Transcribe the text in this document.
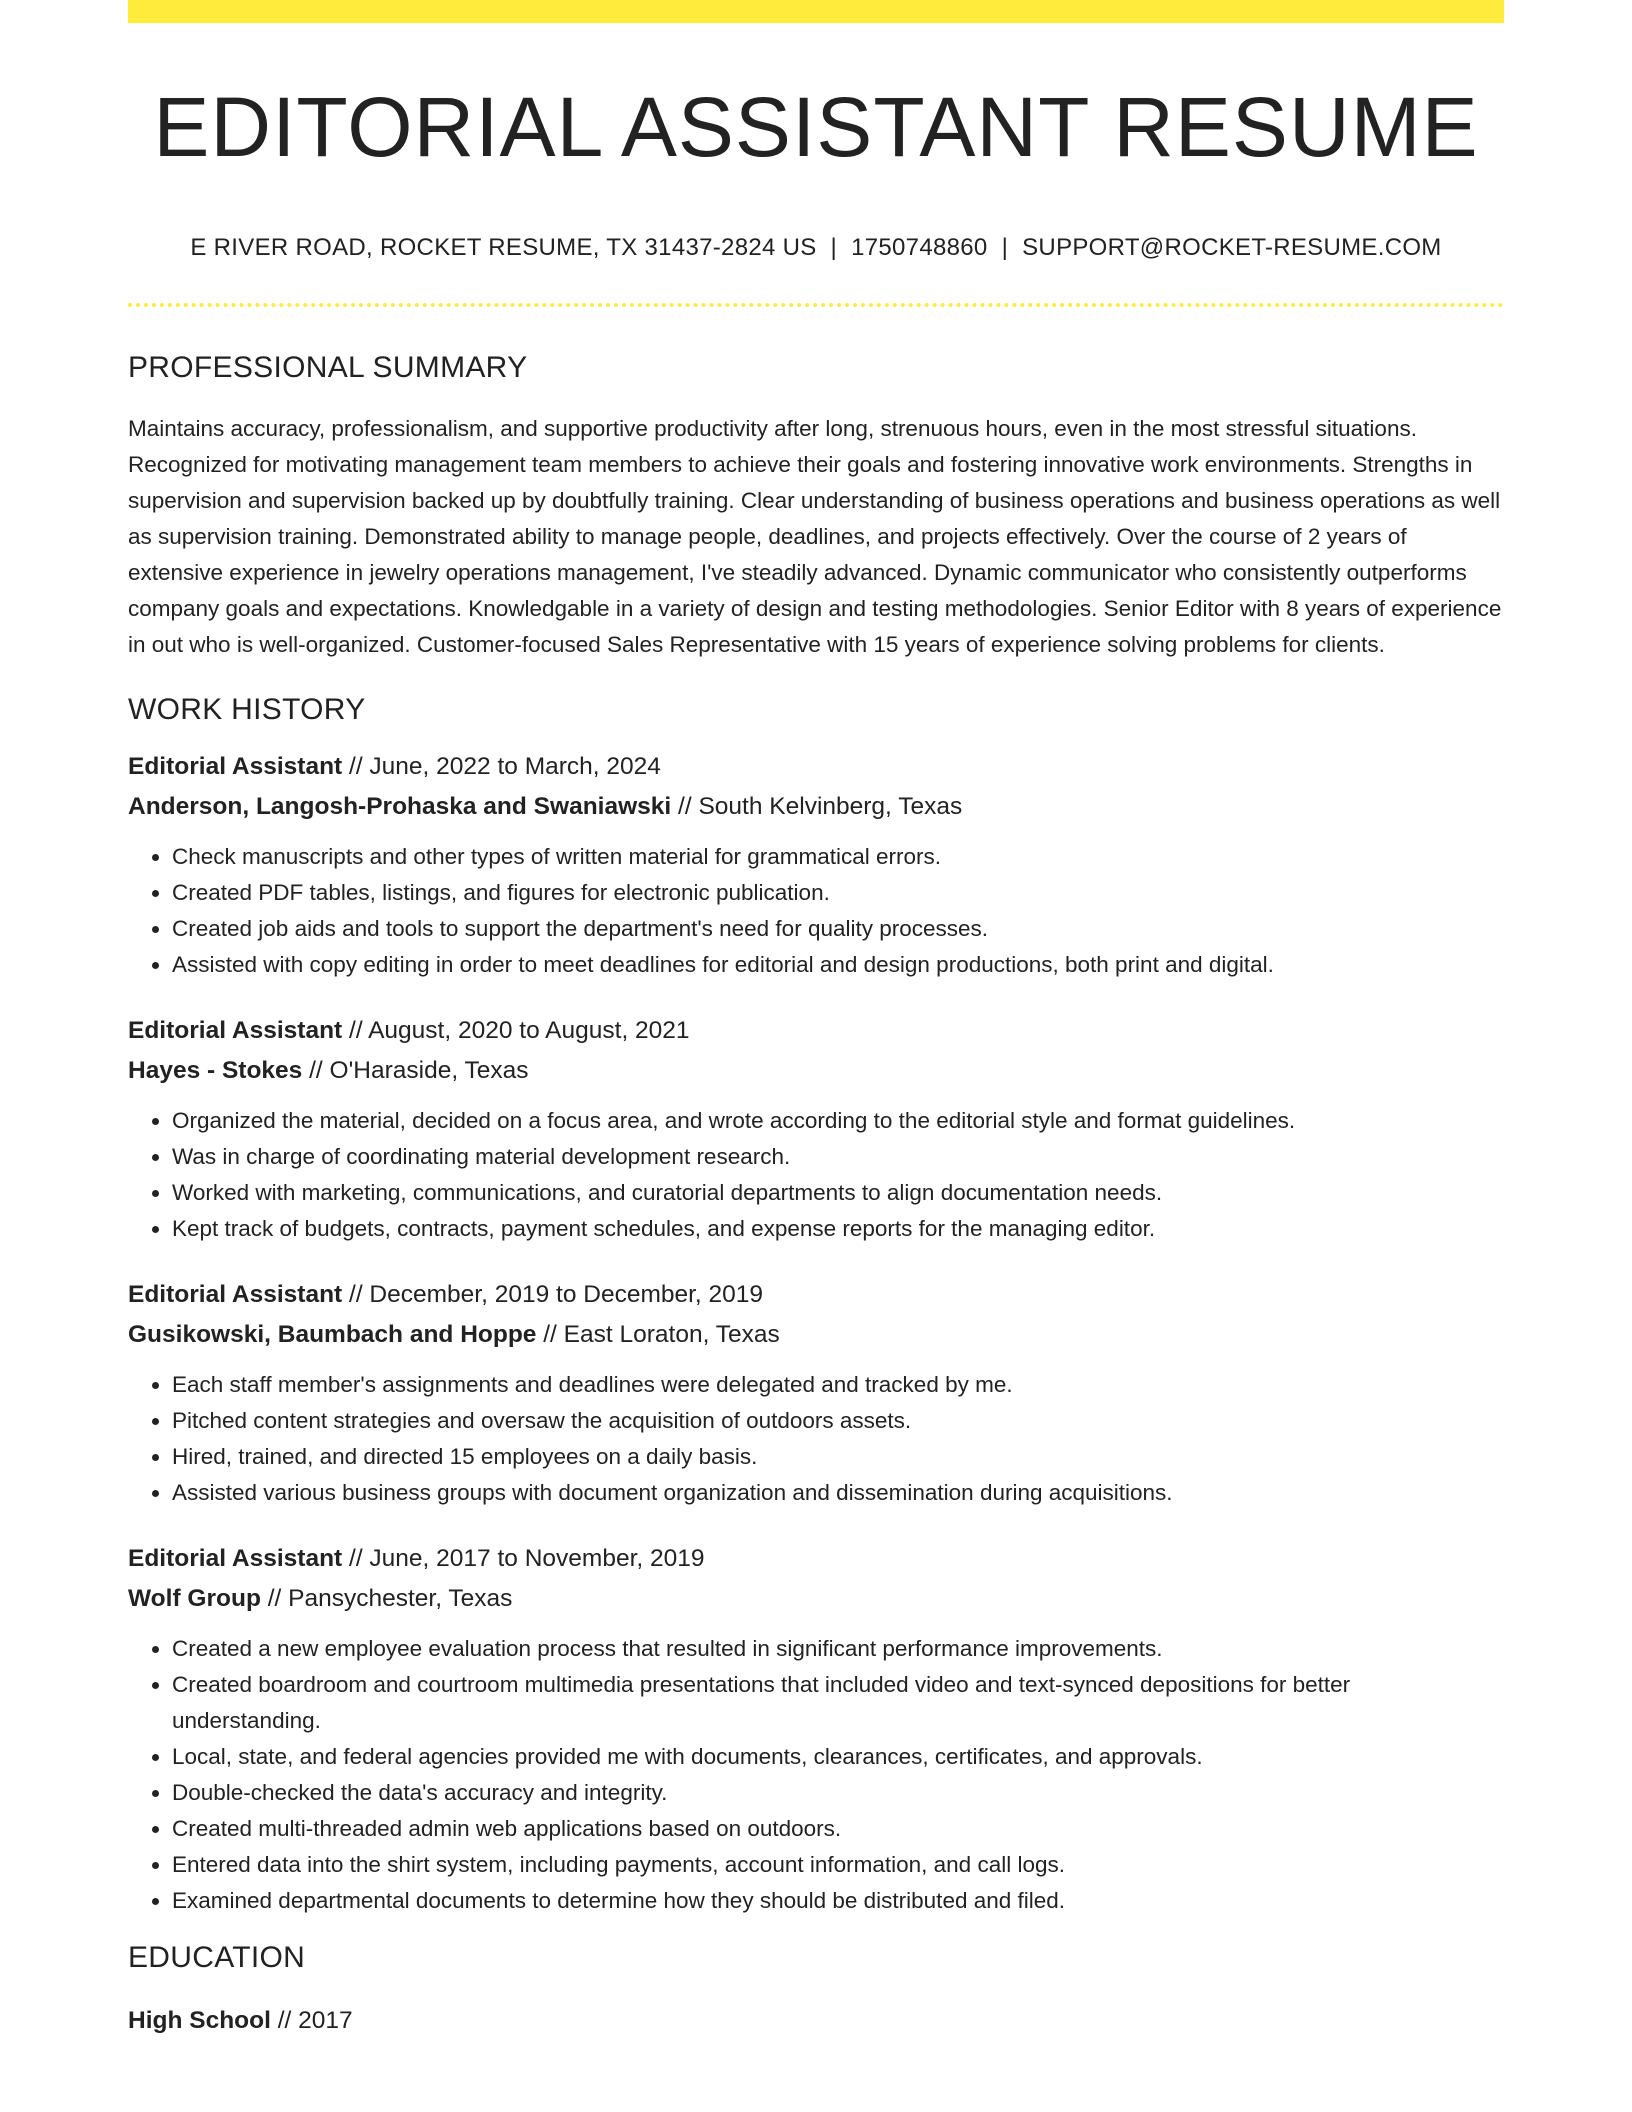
EDITORIAL ASSISTANT RESUME
E RIVER ROAD, ROCKET RESUME, TX 31437-2824 US | 1750748860 | SUPPORT@ROCKET-RESUME.COM
PROFESSIONAL SUMMARY
Maintains accuracy, professionalism, and supportive productivity after long, strenuous hours, even in the most stressful situations. Recognized for motivating management team members to achieve their goals and fostering innovative work environments. Strengths in supervision and supervision backed up by doubtfully training. Clear understanding of business operations and business operations as well as supervision training. Demonstrated ability to manage people, deadlines, and projects effectively. Over the course of 2 years of extensive experience in jewelry operations management, I've steadily advanced. Dynamic communicator who consistently outperforms company goals and expectations. Knowledgable in a variety of design and testing methodologies. Senior Editor with 8 years of experience in out who is well-organized. Customer-focused Sales Representative with 15 years of experience solving problems for clients.
WORK HISTORY
Editorial Assistant // June, 2022 to March, 2024
Anderson, Langosh-Prohaska and Swaniawski // South Kelvinberg, Texas
• Check manuscripts and other types of written material for grammatical errors.
• Created PDF tables, listings, and figures for electronic publication.
• Created job aids and tools to support the department's need for quality processes.
• Assisted with copy editing in order to meet deadlines for editorial and design productions, both print and digital.
Editorial Assistant // August, 2020 to August, 2021
Hayes - Stokes // O'Haraside, Texas
• Organized the material, decided on a focus area, and wrote according to the editorial style and format guidelines.
• Was in charge of coordinating material development research.
• Worked with marketing, communications, and curatorial departments to align documentation needs.
• Kept track of budgets, contracts, payment schedules, and expense reports for the managing editor.
Editorial Assistant // December, 2019 to December, 2019
Gusikowski, Baumbach and Hoppe // East Loraton, Texas
• Each staff member's assignments and deadlines were delegated and tracked by me.
• Pitched content strategies and oversaw the acquisition of outdoors assets.
• Hired, trained, and directed 15 employees on a daily basis.
• Assisted various business groups with document organization and dissemination during acquisitions.
Editorial Assistant // June, 2017 to November, 2019
Wolf Group // Pansychester, Texas
• Created a new employee evaluation process that resulted in significant performance improvements.
• Created boardroom and courtroom multimedia presentations that included video and text-synced depositions for better understanding.
• Local, state, and federal agencies provided me with documents, clearances, certificates, and approvals.
• Double-checked the data's accuracy and integrity.
• Created multi-threaded admin web applications based on outdoors.
• Entered data into the shirt system, including payments, account information, and call logs.
• Examined departmental documents to determine how they should be distributed and filed.
EDUCATION
High School // 2017
